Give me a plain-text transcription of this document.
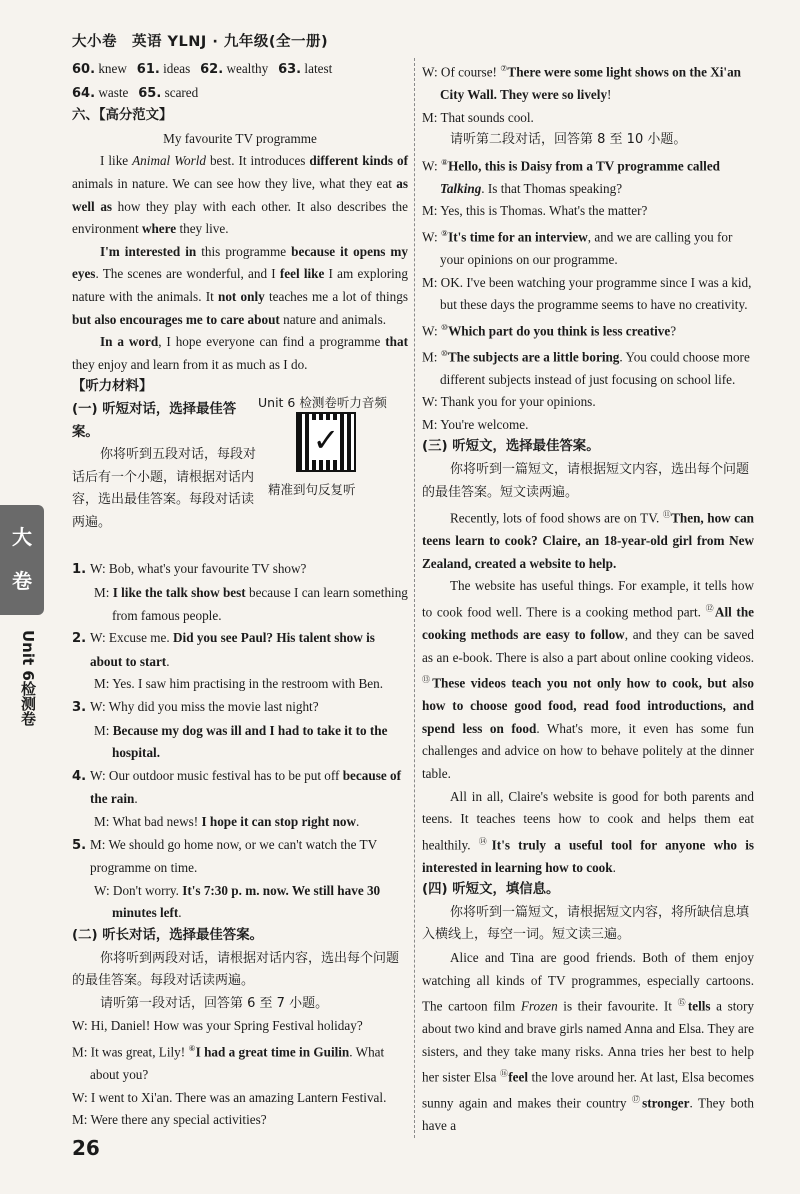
大小卷　英语 YLNJ · 九年级(全一册)
大卷
Unit 6检测卷

60. knew 61. ideas 62. wealthy 63. latest

64. waste 65. scared

六、【高分范文】

My favourite TV programme

I like Animal World best. It introduces different kinds of animals in nature. We can see how they live, what they eat as well as how they play with each other. It also describes the environment where they live.

I'm interested in this programme because it opens my eyes. The scenes are wonderful, and I feel like I am exploring nature with the animals. It not only teaches me a lot of things but also encourages me to care about nature and animals.

In a word, I hope everyone can find a programme that they enjoy and learn from it as much as I do.

【听力材料】

(一) 听短对话，选择最佳答案。

你将听到五段对话，每段对话后有一个小题，请根据对话内容，选出最佳答案。每段对话读两遍。

1. W: Bob, what's your favourite TV show?

M: I like the talk show best because I can learn something from famous people.

2. W: Excuse me. Did you see Paul? His talent show is about to start.

M: Yes. I saw him practising in the restroom with Ben.

3. W: Why did you miss the movie last night?

M: Because my dog was ill and I had to take it to the hospital.

4. W: Our outdoor music festival has to be put off because of the rain.

M: What bad news! I hope it can stop right now.

5. M: We should go home now, or we can't watch the TV programme on time.

W: Don't worry. It's 7:30 p. m. now. We still have 30 minutes left.

(二) 听长对话，选择最佳答案。

你将听到两段对话，请根据对话内容，选出每个问题的最佳答案。每段对话读两遍。

请听第一段对话，回答第 6 至 7 小题。

W: Hi, Daniel! How was your Spring Festival holiday?

M: It was great, Lily! ⑥I had a great time in Guilin. What about you?

W: I went to Xi'an. There was an amazing Lantern Festival.

M: Were there any special activities?

Unit 6 检测卷听力音频
✓
精准到句反复听

W: Of course! ⑦There were some light shows on the Xi'an City Wall. They were so lively!

M: That sounds cool.

请听第二段对话，回答第 8 至 10 小题。

W: ⑧Hello, this is Daisy from a TV programme called Talking. Is that Thomas speaking?

M: Yes, this is Thomas. What's the matter?

W: ⑨It's time for an interview, and we are calling you for your opinions on our programme.

M: OK. I've been watching your programme since I was a kid, but these days the programme seems to have no creativity.

W: ⑩Which part do you think is less creative?

M: ⑩The subjects are a little boring. You could choose more different subjects instead of just focusing on school life.

W: Thank you for your opinions.

M: You're welcome.

(三) 听短文，选择最佳答案。

你将听到一篇短文，请根据短文内容，选出每个问题的最佳答案。短文读两遍。

Recently, lots of food shows are on TV. ⑪Then, how can teens learn to cook? Claire, an 18-year-old girl from New Zealand, created a website to help.

The website has useful things. For example, it tells how to cook food well. There is a cooking method part. ⑫All the cooking methods are easy to follow, and they can be saved as an e-book. There is also a part about online cooking videos. ⑬These videos teach you not only how to cook, but also how to choose good food, read food introductions, and spend less on food. What's more, it even has some fun challenges and advice on how to behave politely at the dinner table.

All in all, Claire's website is good for both parents and teens. It teaches teens how to cook and helps them eat healthily. ⑭It's truly a useful tool for anyone who is interested in learning how to cook.

(四) 听短文，填信息。

你将听到一篇短文，请根据短文内容，将所缺信息填入横线上，每空一词。短文读三遍。

Alice and Tina are good friends. Both of them enjoy watching all kinds of TV programmes, especially cartoons. The cartoon film Frozen is their favourite. It ⑮tells a story about two kind and brave girls named Anna and Elsa. They are sisters, and they take many risks. Anna tries her best to help her sister Elsa ⑯feel the love around her. At last, Elsa becomes sunny again and makes their country ⑰stronger. They both have a

26
